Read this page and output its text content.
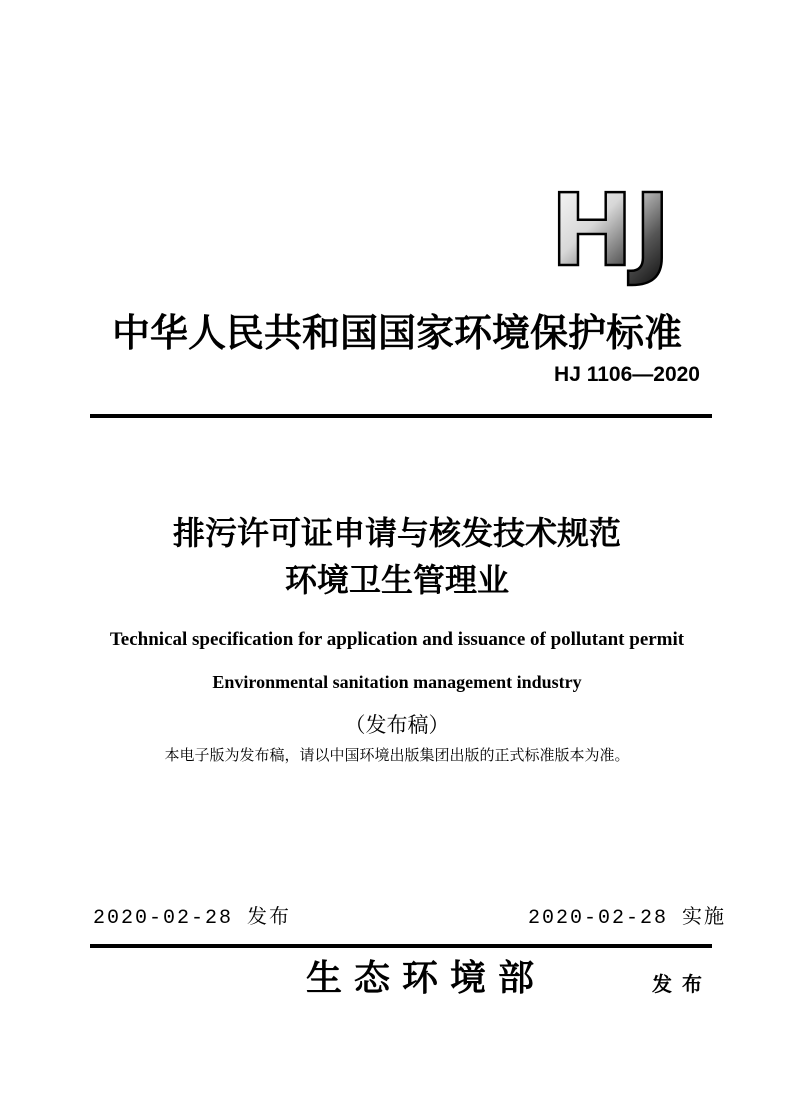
HJ
中华人民共和国国家环境保护标准
HJ 1106—2020
排污许可证申请与核发技术规范
环境卫生管理业
Technical specification for application and issuance of pollutant permit
Environmental sanitation management industry
（发布稿）
本电子版为发布稿，请以中国环境出版集团出版的正式标准版本为准。
2020-02-28 发布	2020-02-28 实施
生态环境部	发布
